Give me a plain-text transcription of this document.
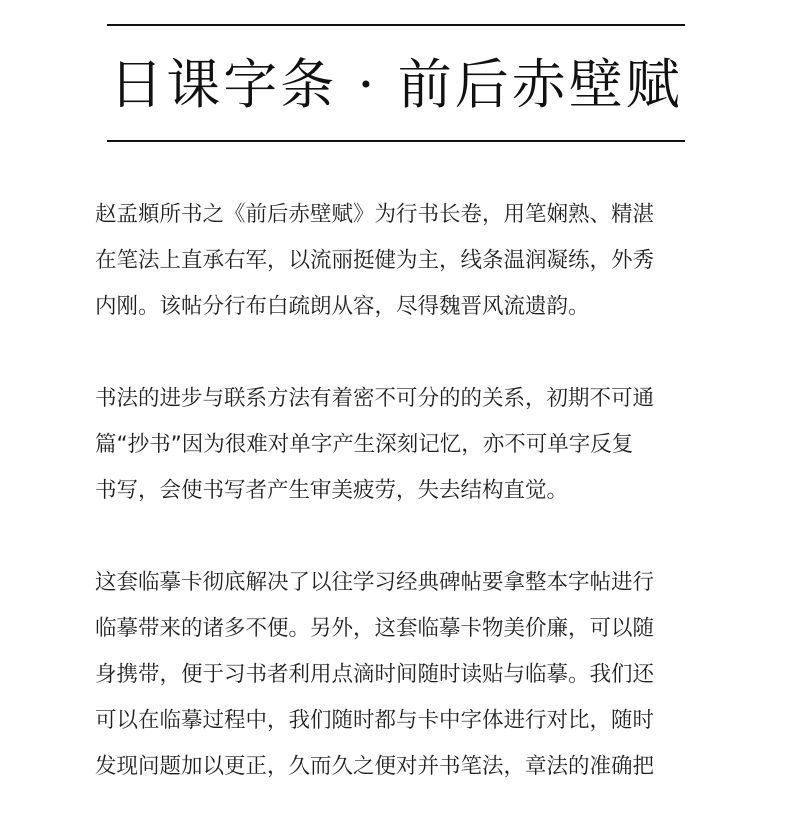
日课字条 · 前后赤壁赋

赵孟頫所书之《前后赤壁赋》为行书长卷，用笔娴熟、精湛
在笔法上直承右军，以流丽挺健为主，线条温润凝练，外秀
内刚。该帖分行布白疏朗从容，尽得魏晋风流遗韵。

书法的进步与联系方法有着密不可分的的关系，初期不可通
篇“抄书”因为很难对单字产生深刻记忆，亦不可单字反复
书写，会使书写者产生审美疲劳，失去结构直觉。

这套临摹卡彻底解决了以往学习经典碑帖要拿整本字帖进行
临摹带来的诸多不便。另外，这套临摹卡物美价廉，可以随
身携带，便于习书者利用点滴时间随时读贴与临摹。我们还
可以在临摹过程中，我们随时都与卡中字体进行对比，随时
发现问题加以更正，久而久之便对并书笔法，章法的准确把
